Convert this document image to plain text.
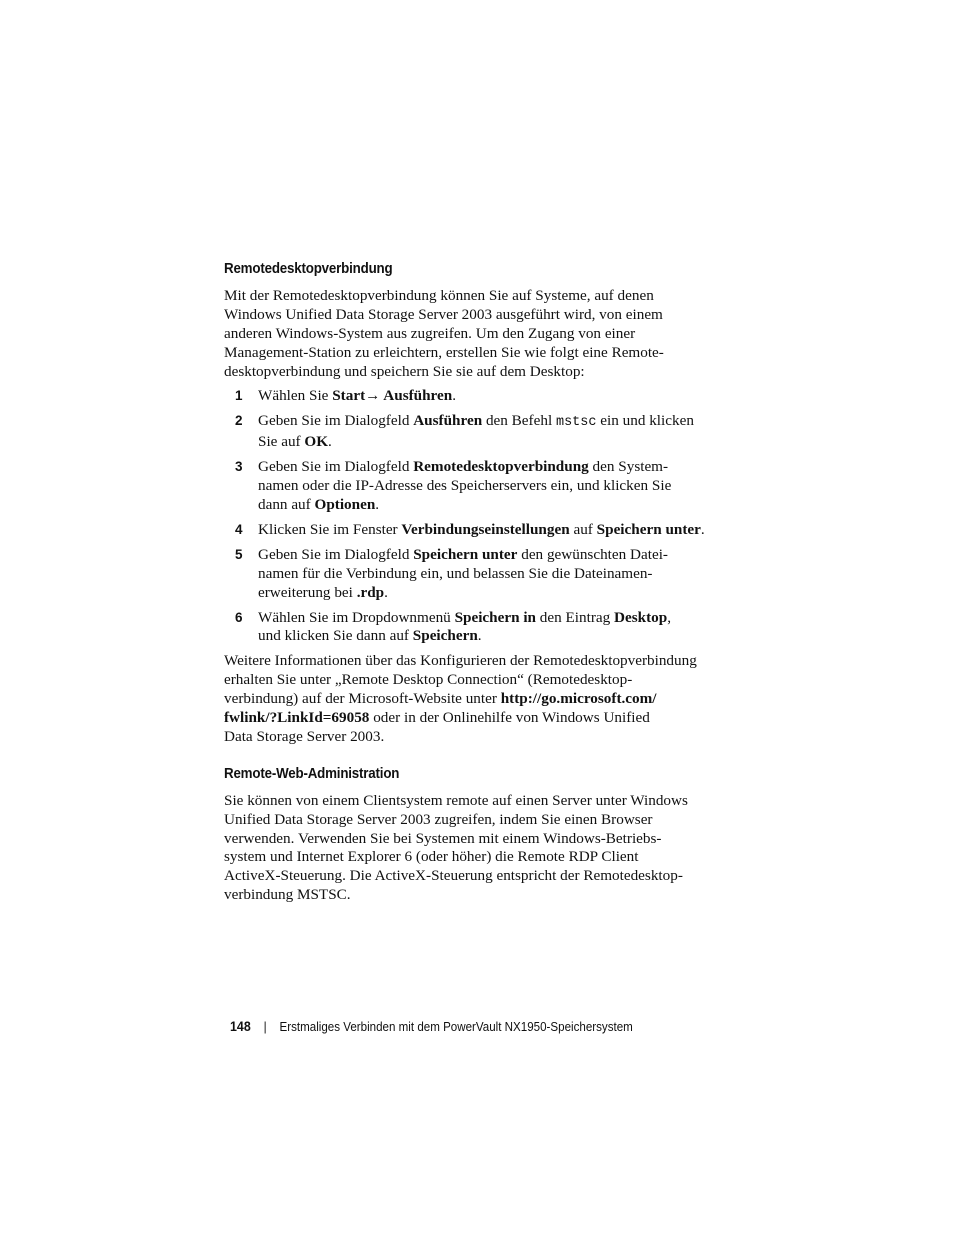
Remotedesktopverbindung

Mit der Remotedesktopverbindung können Sie auf Systeme, auf denen
Windows Unified Data Storage Server 2003 ausgeführt wird, von einem
anderen Windows-System aus zugreifen. Um den Zugang von einer
Management-Station zu erleichtern, erstellen Sie wie folgt eine Remote-
desktopverbindung und speichern Sie sie auf dem Desktop:

1 Wählen Sie Start→ Ausführen.
2 Geben Sie im Dialogfeld Ausführen den Befehl mstsc ein und klicken
Sie auf OK.
3 Geben Sie im Dialogfeld Remotedesktopverbindung den System-
namen oder die IP-Adresse des Speicherservers ein, und klicken Sie
dann auf Optionen.
4 Klicken Sie im Fenster Verbindungseinstellungen auf Speichern unter.
5 Geben Sie im Dialogfeld Speichern unter den gewünschten Datei-
namen für die Verbindung ein, und belassen Sie die Dateinamen-
erweiterung bei .rdp.
6 Wählen Sie im Dropdownmenü Speichern in den Eintrag Desktop,
und klicken Sie dann auf Speichern.

Weitere Informationen über das Konfigurieren der Remotedesktopverbindung
erhalten Sie unter „Remote Desktop Connection“ (Remotedesktop-
verbindung) auf der Microsoft-Website unter http://go.microsoft.com/
fwlink/?LinkId=69058 oder in der Onlinehilfe von Windows Unified
Data Storage Server 2003.

Remote-Web-Administration

Sie können von einem Clientsystem remote auf einen Server unter Windows
Unified Data Storage Server 2003 zugreifen, indem Sie einen Browser
verwenden. Verwenden Sie bei Systemen mit einem Windows-Betriebs-
system und Internet Explorer 6 (oder höher) die Remote RDP Client
ActiveX-Steuerung. Die ActiveX-Steuerung entspricht der Remotedesktop-
verbindung MSTSC.

148 | Erstmaliges Verbinden mit dem PowerVault NX1950-Speichersystem
